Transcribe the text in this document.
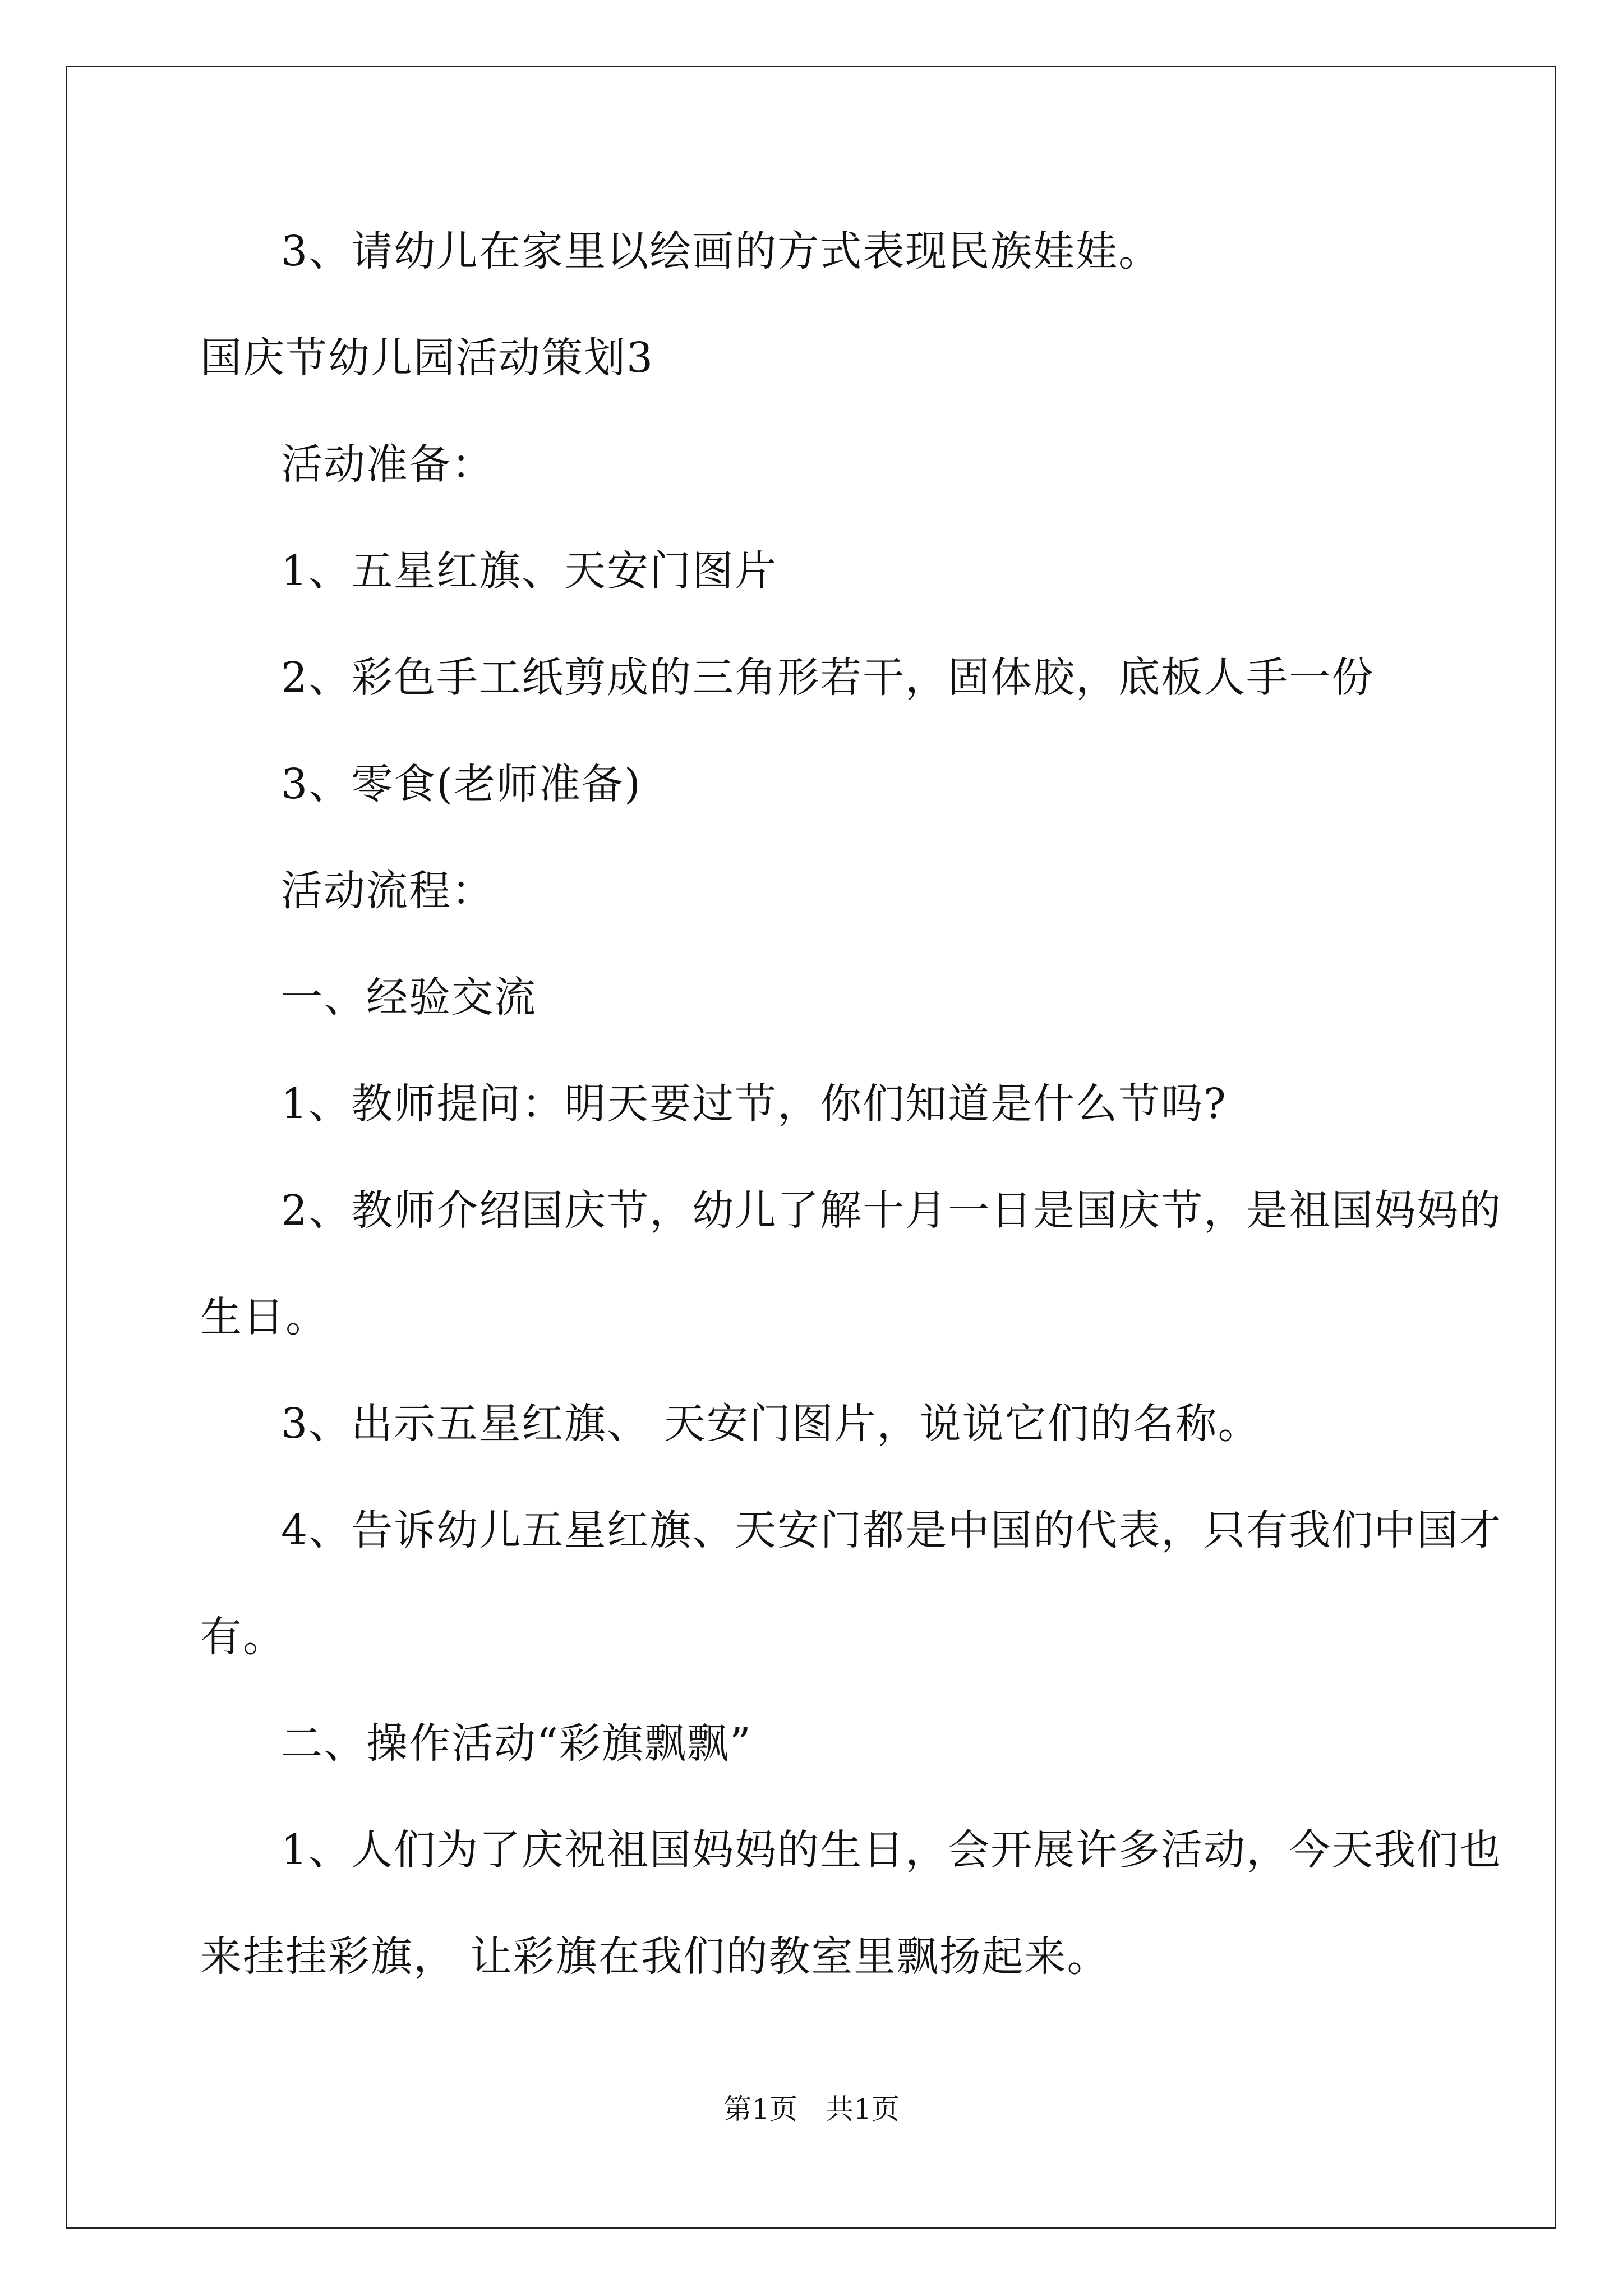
3、请幼儿在家里以绘画的方式表现民族娃娃。
国庆节幼儿园活动策划3
活动准备：
1、五星红旗、天安门图片
2、彩色手工纸剪成的三角形若干，固体胶，底板人手一份
3、零食(老师准备)
活动流程：
一、经验交流
1、教师提问：明天要过节，你们知道是什么节吗?
2、教师介绍国庆节，幼儿了解十月一日是国庆节，是祖国妈妈的
生日。
3、出示五星红旗、 天安门图片，说说它们的名称。
4、告诉幼儿五星红旗、天安门都是中国的代表，只有我们中国才
有。
二、操作活动“彩旗飘飘”
1、人们为了庆祝祖国妈妈的生日，会开展许多活动，今天我们也
来挂挂彩旗， 让彩旗在我们的教室里飘扬起来。
第1页　共1页
